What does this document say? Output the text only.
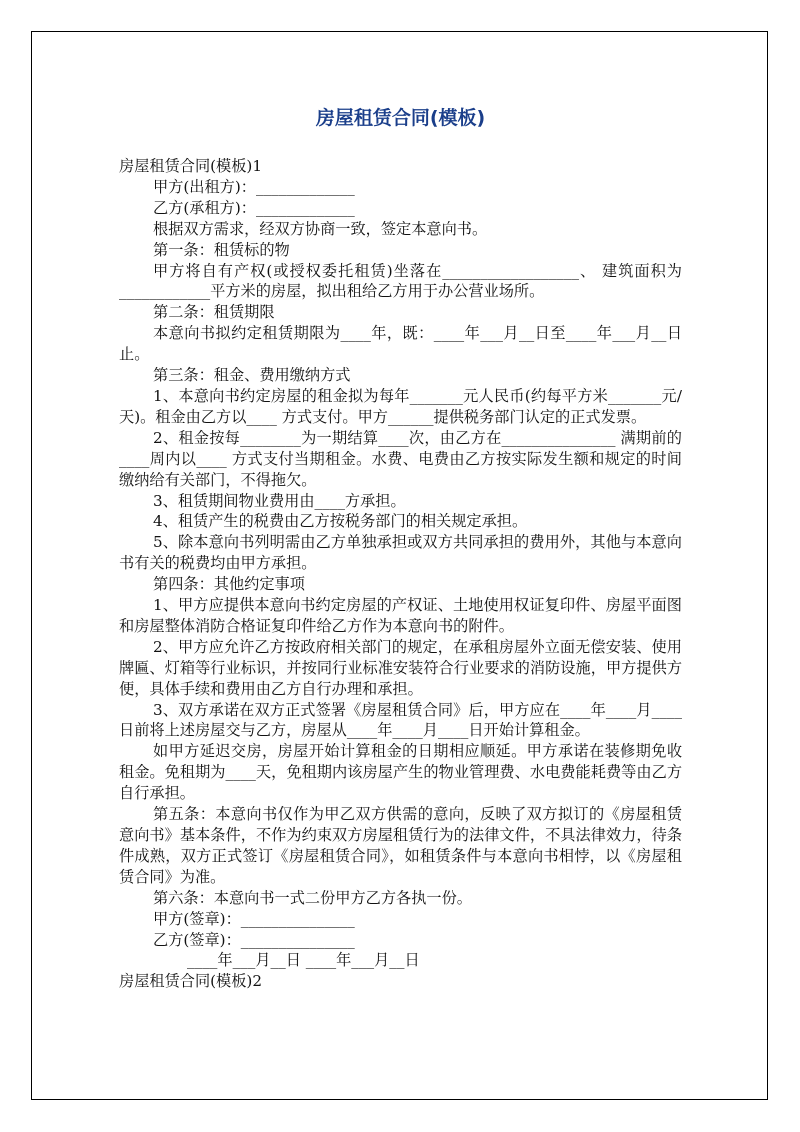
房屋租赁合同(模板)

房屋租赁合同(模板)1

甲方(出租方)：_____________

乙方(承租方)：_____________

根据双方需求，经双方协商一致，签定本意向书。

第一条：租赁标的物

甲方将自有产权(或授权委托租赁)坐落在__________________、 建筑面积为____________平方米的房屋，拟出租给乙方用于办公营业场所。

第二条：租赁期限

本意向书拟约定租赁期限为____年，既：____年___月__日至____年___月__日止。

第三条：租金、费用缴纳方式

1、本意向书约定房屋的租金拟为每年_______元人民币(约每平方米_______元/天)。租金由乙方以____ 方式支付。甲方______提供税务部门认定的正式发票。

2、租金按每________为一期结算____次，由乙方在_______________ 满期前的____周内以____ 方式支付当期租金。水费、电费由乙方按实际发生额和规定的时间缴纳给有关部门，不得拖欠。

3、租赁期间物业费用由____方承担。

4、租赁产生的税费由乙方按税务部门的相关规定承担。

5、除本意向书列明需由乙方单独承担或双方共同承担的费用外，其他与本意向书有关的税费均由甲方承担。

第四条：其他约定事项

1、甲方应提供本意向书约定房屋的产权证、土地使用权证复印件、房屋平面图和房屋整体消防合格证复印件给乙方作为本意向书的附件。

2、甲方应允许乙方按政府相关部门的规定，在承租房屋外立面无偿安装、使用牌匾、灯箱等行业标识，并按同行业标准安装符合行业要求的消防设施，甲方提供方便，具体手续和费用由乙方自行办理和承担。

3、双方承诺在双方正式签署《房屋租赁合同》后，甲方应在____年____月____日前将上述房屋交与乙方，房屋从____年____月____日开始计算租金。

如甲方延迟交房，房屋开始计算租金的日期相应顺延。甲方承诺在装修期免收租金。免租期为____天，免租期内该房屋产生的物业管理费、水电费能耗费等由乙方自行承担。

第五条：本意向书仅作为甲乙双方供需的意向，反映了双方拟订的《房屋租赁意向书》基本条件，不作为约束双方房屋租赁行为的法律文件，不具法律效力，待条件成熟，双方正式签订《房屋租赁合同》，如租赁条件与本意向书相悖，以《房屋租赁合同》为准。

第六条：本意向书一式二份甲方乙方各执一份。

甲方(签章)：_______________

乙方(签章)：_______________

____年___月__日 ____年___月__日

房屋租赁合同(模板)2
